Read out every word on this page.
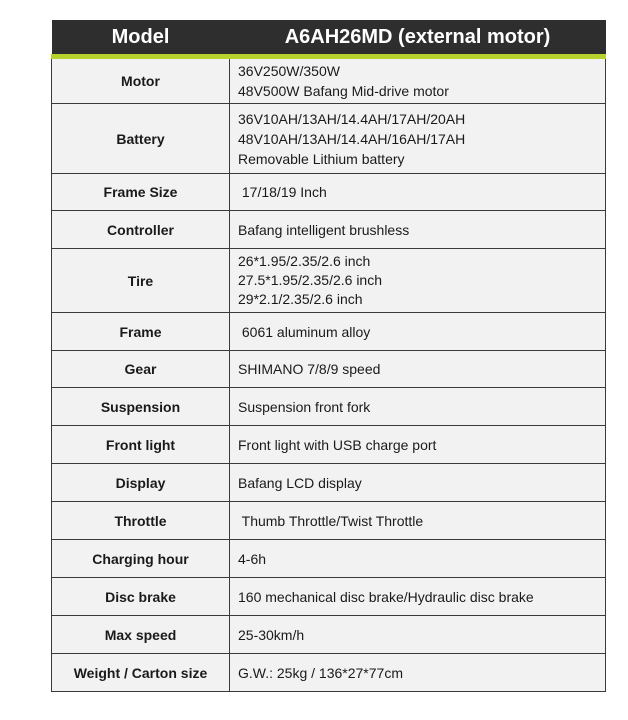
Model	A6AH26MD (external motor)
Motor	36V250W/350W
48V500W Bafang Mid-drive motor

Battery	36V10AH/13AH/14.4AH/17AH/20AH
48V10AH/13AH/14.4AH/16AH/17AH
Removable Lithium battery

Frame Size	17/18/19 Inch

Controller	Bafang intelligent brushless

Tire	26*1.95/2.35/2.6 inch
27.5*1.95/2.35/2.6 inch
29*2.1/2.35/2.6 inch

Frame	6061 aluminum alloy

Gear	SHIMANO 7/8/9 speed

Suspension	Suspension front fork

Front light	Front light with USB charge port

Display	Bafang LCD display

Throttle	Thumb Throttle/Twist Throttle

Charging hour	4-6h

Disc brake	160 mechanical disc brake/Hydraulic disc brake

Max speed	25-30km/h

Weight / Carton size	G.W.: 25kg / 136*27*77cm
